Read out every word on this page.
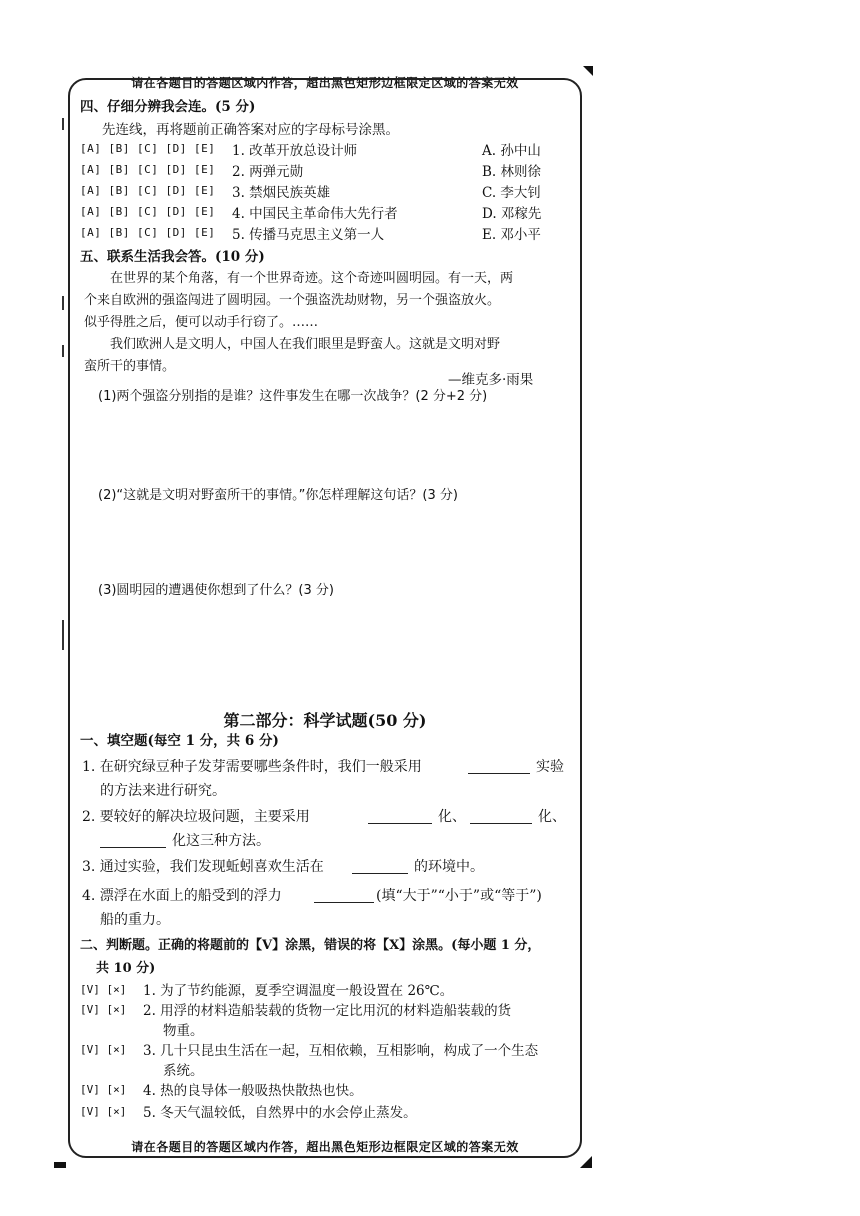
请在各题目的答题区域内作答，超出黑色矩形边框限定区域的答案无效
四、仔细分辨我会连。(5 分)
先连线，再将题前正确答案对应的字母标号涂黑。
[A] [B] [C] [D] [E] 1. 改革开放总设计师	A. 孙中山
[A] [B] [C] [D] [E] 2. 两弹元勋	B. 林则徐
[A] [B] [C] [D] [E] 3. 禁烟民族英雄	C. 李大钊
[A] [B] [C] [D] [E] 4. 中国民主革命伟大先行者	D. 邓稼先
[A] [B] [C] [D] [E] 5. 传播马克思主义第一人	E. 邓小平
五、联系生活我会答。(10 分)
在世界的某个角落，有一个世界奇迹。这个奇迹叫圆明园。有一天，两
个来自欧洲的强盗闯进了圆明园。一个强盗洗劫财物，另一个强盗放火。
似乎得胜之后，便可以动手行窃了。……
我们欧洲人是文明人，中国人在我们眼里是野蛮人。这就是文明对野
蛮所干的事情。
—维克多·雨果
(1)两个强盗分别指的是谁？这件事发生在哪一次战争？(2 分+2 分)
(2)“这就是文明对野蛮所干的事情。”你怎样理解这句话？(3 分)
(3)圆明园的遭遇使你想到了什么？(3 分)
第二部分：科学试题(50 分)
一、填空题(每空 1 分，共 6 分)
1. 在研究绿豆种子发芽需要哪些条件时，我们一般采用	实验
的方法来进行研究。
2. 要较好的解决垃圾问题，主要采用	化、	化、
化这三种方法。
3. 通过实验，我们发现蚯蚓喜欢生活在	的环境中。
4. 漂浮在水面上的船受到的浮力	(填“大于”“小于”或“等于”)
船的重力。
二、判断题。正确的将题前的【V】涂黑，错误的将【X】涂黑。(每小题 1 分，
共 10 分)
[V] [×] 1. 为了节约能源，夏季空调温度一般设置在 26℃。
[V] [×] 2. 用浮的材料造船装载的货物一定比用沉的材料造船装载的货
物重。
[V] [×] 3. 几十只昆虫生活在一起，互相依赖，互相影响，构成了一个生态
系统。
[V] [×] 4. 热的良导体一般吸热快散热也快。
[V] [×] 5. 冬天气温较低，自然界中的水会停止蒸发。
请在各题目的答题区域内作答，超出黑色矩形边框限定区域的答案无效
